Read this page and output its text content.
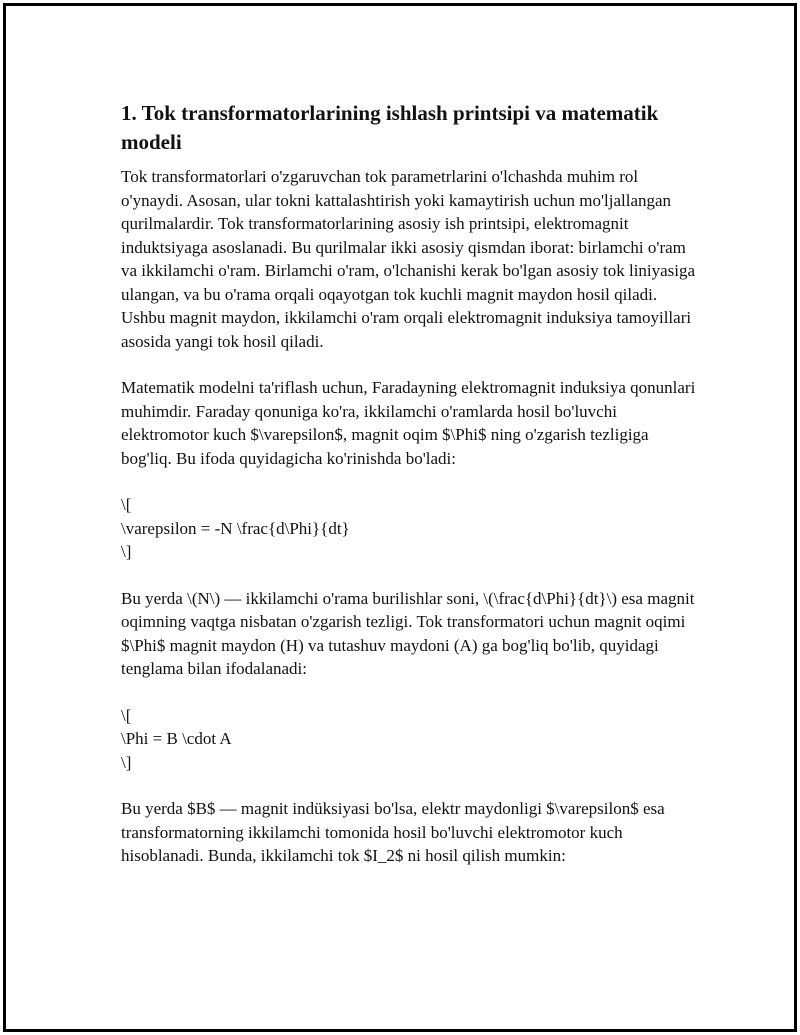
1. Tok transformatorlarining ishlash printsipi va matematik modeli

Tok transformatorlari o'zgaruvchan tok parametrlarini o'lchashda muhim rol o'ynaydi. Asosan, ular tokni kattalashtirish yoki kamaytirish uchun mo'ljallangan qurilmalardir. Tok transformatorlarining asosiy ish printsipi, elektromagnit induktsiyaga asoslanadi. Bu qurilmalar ikki asosiy qismdan iborat: birlamchi o'ram va ikkilamchi o'ram. Birlamchi o'ram, o'lchanishi kerak bo'lgan asosiy tok liniyasiga ulangan, va bu o'rama orqali oqayotgan tok kuchli magnit maydon hosil qiladi. Ushbu magnit maydon, ikkilamchi o'ram orqali elektromagnit induksiya tamoyillari asosida yangi tok hosil qiladi.

Matematik modelni ta'riflash uchun, Faradayning elektromagnit induksiya qonunlari muhimdir. Faraday qonuniga ko'ra, ikkilamchi o'ramlarda hosil bo'luvchi elektromotor kuch $\varepsilon$, magnit oqim $\Phi$ ning o'zgarish tezligiga bog'liq. Bu ifoda quyidagicha ko'rinishda bo'ladi:

\[
\varepsilon = -N \frac{d\Phi}{dt}
\]

Bu yerda \(N\) — ikkilamchi o'rama burilishlar soni, \(\frac{d\Phi}{dt}\) esa magnit oqimning vaqtga nisbatan o'zgarish tezligi. Tok transformatori uchun magnit oqimi $\Phi$ magnit maydon (H) va tutashuv maydoni (A) ga bog'liq bo'lib, quyidagi tenglama bilan ifodalanadi:

\[
\Phi = B \cdot A
\]

Bu yerda $B$ — magnit indüksiyasi bo'lsa, elektr maydonligi $\varepsilon$ esa transformatorning ikkilamchi tomonida hosil bo'luvchi elektromotor kuch hisoblanadi. Bunda, ikkilamchi tok $I_2$ ni hosil qilish mumkin:
